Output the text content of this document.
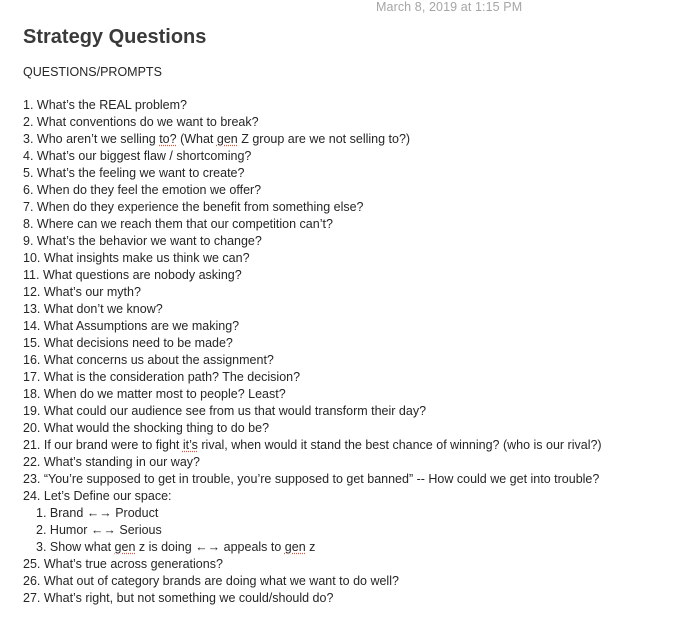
March 8, 2019 at 1:15 PM
Strategy Questions
QUESTIONS/PROMPTS
1. What’s the REAL problem?
2. What conventions do we want to break?
3. Who aren’t we selling to? (What gen Z group are we not selling to?)
4. What’s our biggest flaw / shortcoming?
5. What’s the feeling we want to create?
6. When do they feel the emotion we offer?
7. When do they experience the benefit from something else?
8. Where can we reach them that our competition can’t?
9. What’s the behavior we want to change?
10. What insights make us think we can?
11. What questions are nobody asking?
12. What’s our myth?
13. What don’t we know?
14. What Assumptions are we making?
15. What decisions need to be made?
16. What concerns us about the assignment?
17. What is the consideration path? The decision?
18. When do we matter most to people? Least?
19. What could our audience see from us that would transform their day?
20. What would the shocking thing to do be?
21. If our brand were to fight it’s rival, when would it stand the best chance of winning? (who is our rival?)
22. What’s standing in our way?
23. “You’re supposed to get in trouble, you’re supposed to get banned” -- How could we get into trouble?
24. Let’s Define our space:
1. Brand ←→ Product
2. Humor ←→ Serious
3. Show what gen z is doing ←→ appeals to gen z
25. What’s true across generations?
26. What out of category brands are doing what we want to do well?
27. What’s right, but not something we could/should do?
